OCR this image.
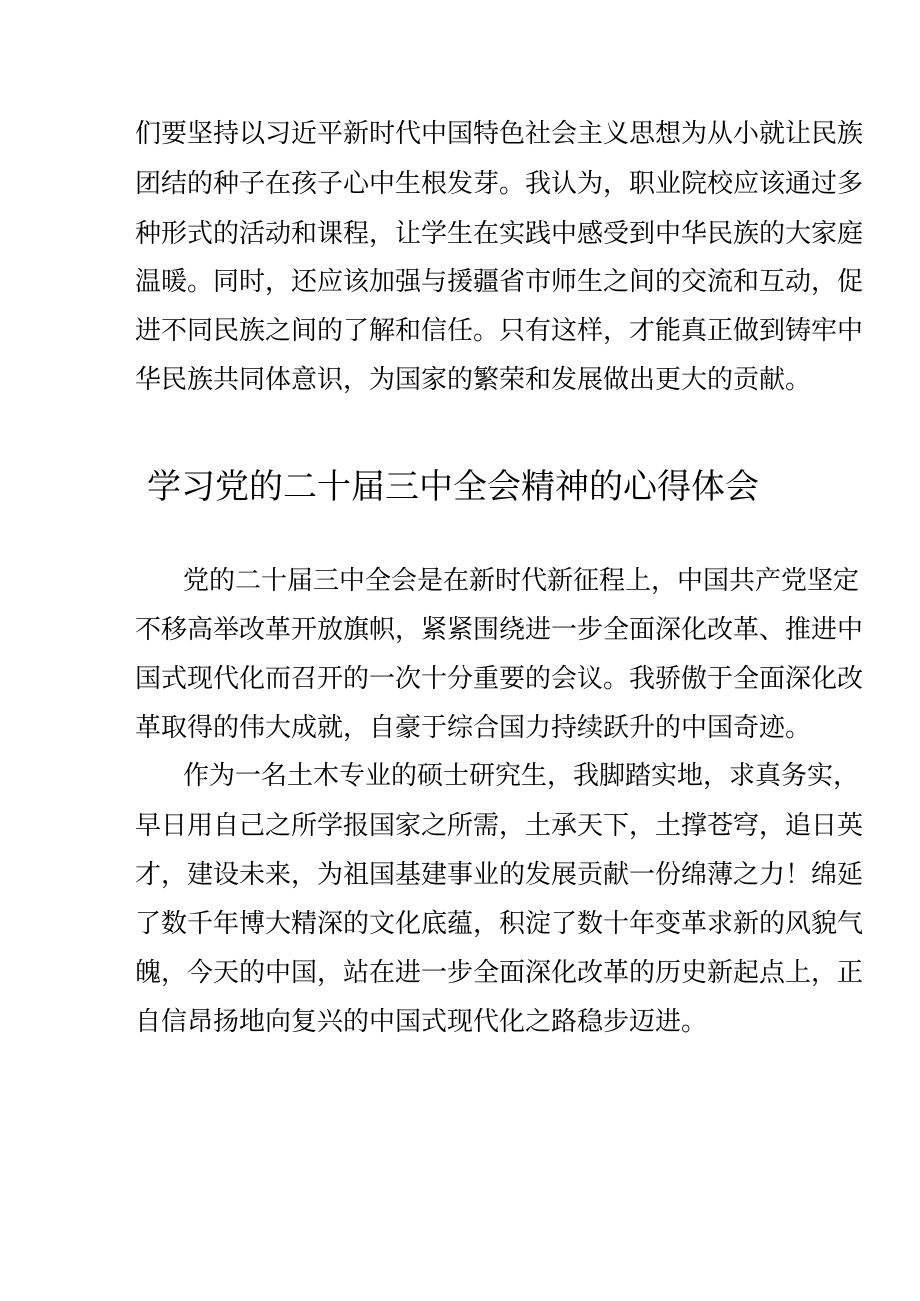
们要坚持以习近平新时代中国特色社会主义思想为从小就让民族
团结的种子在孩子心中生根发芽。我认为，职业院校应该通过多
种形式的活动和课程，让学生在实践中感受到中华民族的大家庭
温暖。同时，还应该加强与援疆省市师生之间的交流和互动，促
进不同民族之间的了解和信任。只有这样，才能真正做到铸牢中
华民族共同体意识，为国家的繁荣和发展做出更大的贡献。
学习党的二十届三中全会精神的心得体会
党的二十届三中全会是在新时代新征程上，中国共产党坚定
不移高举改革开放旗帜，紧紧围绕进一步全面深化改革、推进中
国式现代化而召开的一次十分重要的会议。我骄傲于全面深化改
革取得的伟大成就，自豪于综合国力持续跃升的中国奇迹。
作为一名土木专业的硕士研究生，我脚踏实地，求真务实，
早日用自己之所学报国家之所需，土承天下，土撑苍穹，追日英
才，建设未来，为祖国基建事业的发展贡献一份绵薄之力！绵延
了数千年博大精深的文化底蕴，积淀了数十年变革求新的风貌气
魄，今天的中国，站在进一步全面深化改革的历史新起点上，正
自信昂扬地向复兴的中国式现代化之路稳步迈进。
